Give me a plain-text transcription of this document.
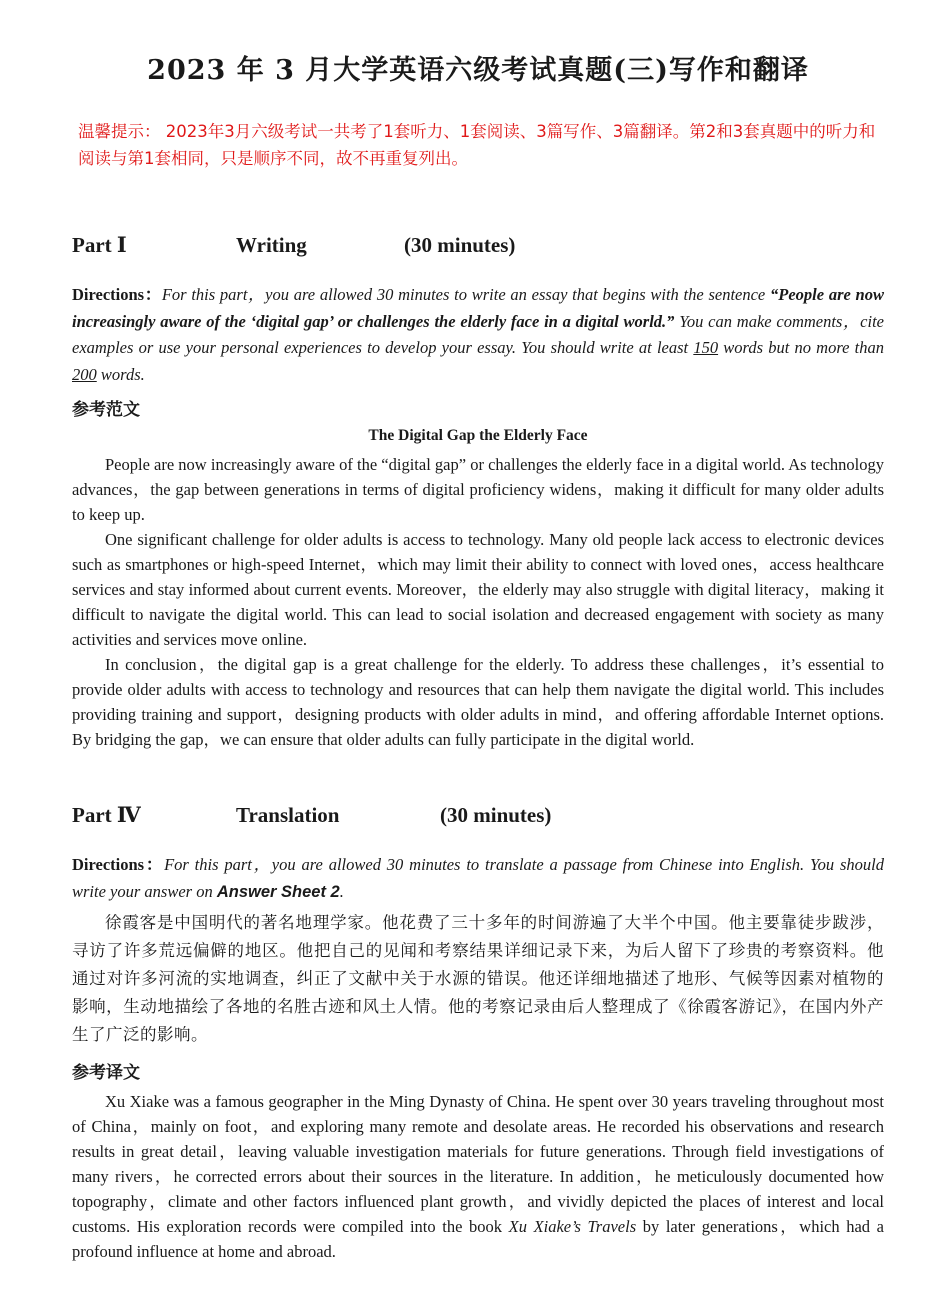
2023 年 3 月大学英语六级考试真题(三)写作和翻译
温馨提示： 2023年3月六级考试一共考了1套听力、1套阅读、3篇写作、3篇翻译。第2和3套真题中的听力和阅读与第1套相同，只是顺序不同，故不再重复列出。
Part Ⅰ	Writing	(30 minutes)
Directions：For this part，you are allowed 30 minutes to write an essay that begins with the sentence “People are now increasingly aware of the ‘digital gap’ or challenges the elderly face in a digital world.” You can make comments，cite examples or use your personal experiences to develop your essay. You should write at least 150 words but no more than 200 words.
参考范文
The Digital Gap the Elderly Face

People are now increasingly aware of the “digital gap” or challenges the elderly face in a digital world. As technology advances，the gap between generations in terms of digital proficiency widens，making it difficult for many older adults to keep up.

One significant challenge for older adults is access to technology. Many old people lack access to electronic devices such as smartphones or high-speed Internet，which may limit their ability to connect with loved ones，access healthcare services and stay informed about current events. Moreover，the elderly may also struggle with digital literacy，making it difficult to navigate the digital world. This can lead to social isolation and decreased engagement with society as many activities and services move online.

In conclusion，the digital gap is a great challenge for the elderly. To address these challenges，it’s essential to provide older adults with access to technology and resources that can help them navigate the digital world. This includes providing training and support，designing products with older adults in mind，and offering affordable Internet options. By bridging the gap，we can ensure that older adults can fully participate in the digital world.

Part Ⅳ	Translation	(30 minutes)
Directions：For this part，you are allowed 30 minutes to translate a passage from Chinese into English. You should write your answer on Answer Sheet 2.

徐霞客是中国明代的著名地理学家。他花费了三十多年的时间游遍了大半个中国。他主要靠徒步跋涉，寻访了许多荒远偏僻的地区。他把自己的见闻和考察结果详细记录下来，为后人留下了珍贵的考察资料。他通过对许多河流的实地调查，纠正了文献中关于水源的错误。他还详细地描述了地形、气候等因素对植物的影响，生动地描绘了各地的名胜古迹和风土人情。他的考察记录由后人整理成了《徐霞客游记》，在国内外产生了广泛的影响。

参考译文

Xu Xiake was a famous geographer in the Ming Dynasty of China. He spent over 30 years traveling throughout most of China，mainly on foot，and exploring many remote and desolate areas. He recorded his observations and research results in great detail，leaving valuable investigation materials for future generations. Through field investigations of many rivers，he corrected errors about their sources in the literature. In addition，he meticulously documented how topography，climate and other factors influenced plant growth，and vividly depicted the places of interest and local customs. His exploration records were compiled into the book Xu Xiake’s Travels by later generations，which had a profound influence at home and abroad.
